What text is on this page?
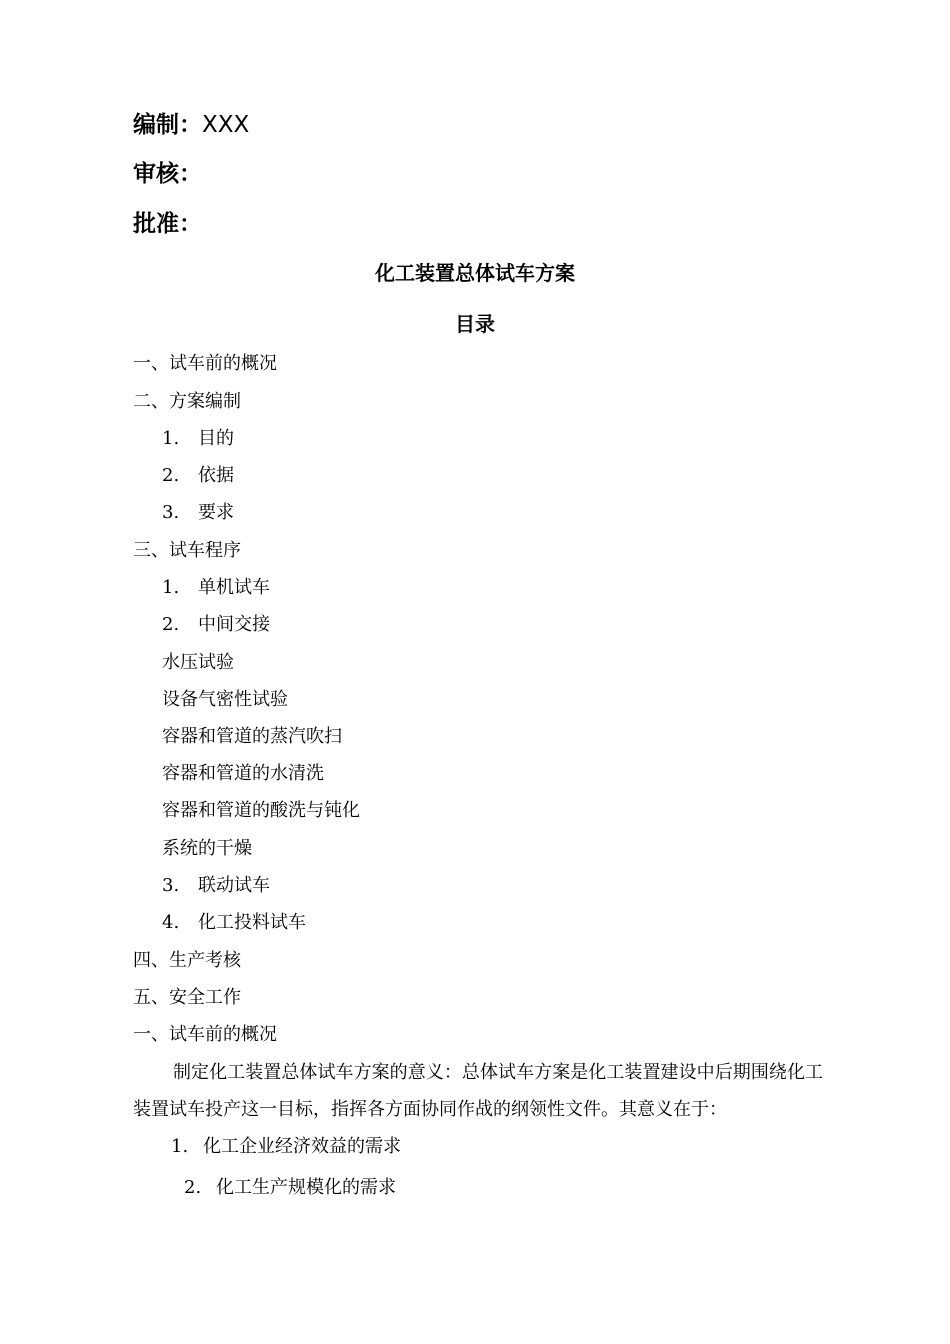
编制：XXX
审核：
批准：
化工装置总体试车方案
目录
一、试车前的概况
二、方案编制
1. 目的
2. 依据
3. 要求
三、试车程序
1. 单机试车
2. 中间交接
水压试验
设备气密性试验
容器和管道的蒸汽吹扫
容器和管道的水清洗
容器和管道的酸洗与钝化
系统的干燥
3. 联动试车
4. 化工投料试车
四、生产考核
五、安全工作
一、试车前的概况
制定化工装置总体试车方案的意义：总体试车方案是化工装置建设中后期围绕化工装置试车投产这一目标，指挥各方面协同作战的纲领性文件。其意义在于：
1. 化工企业经济效益的需求
2. 化工生产规模化的需求
